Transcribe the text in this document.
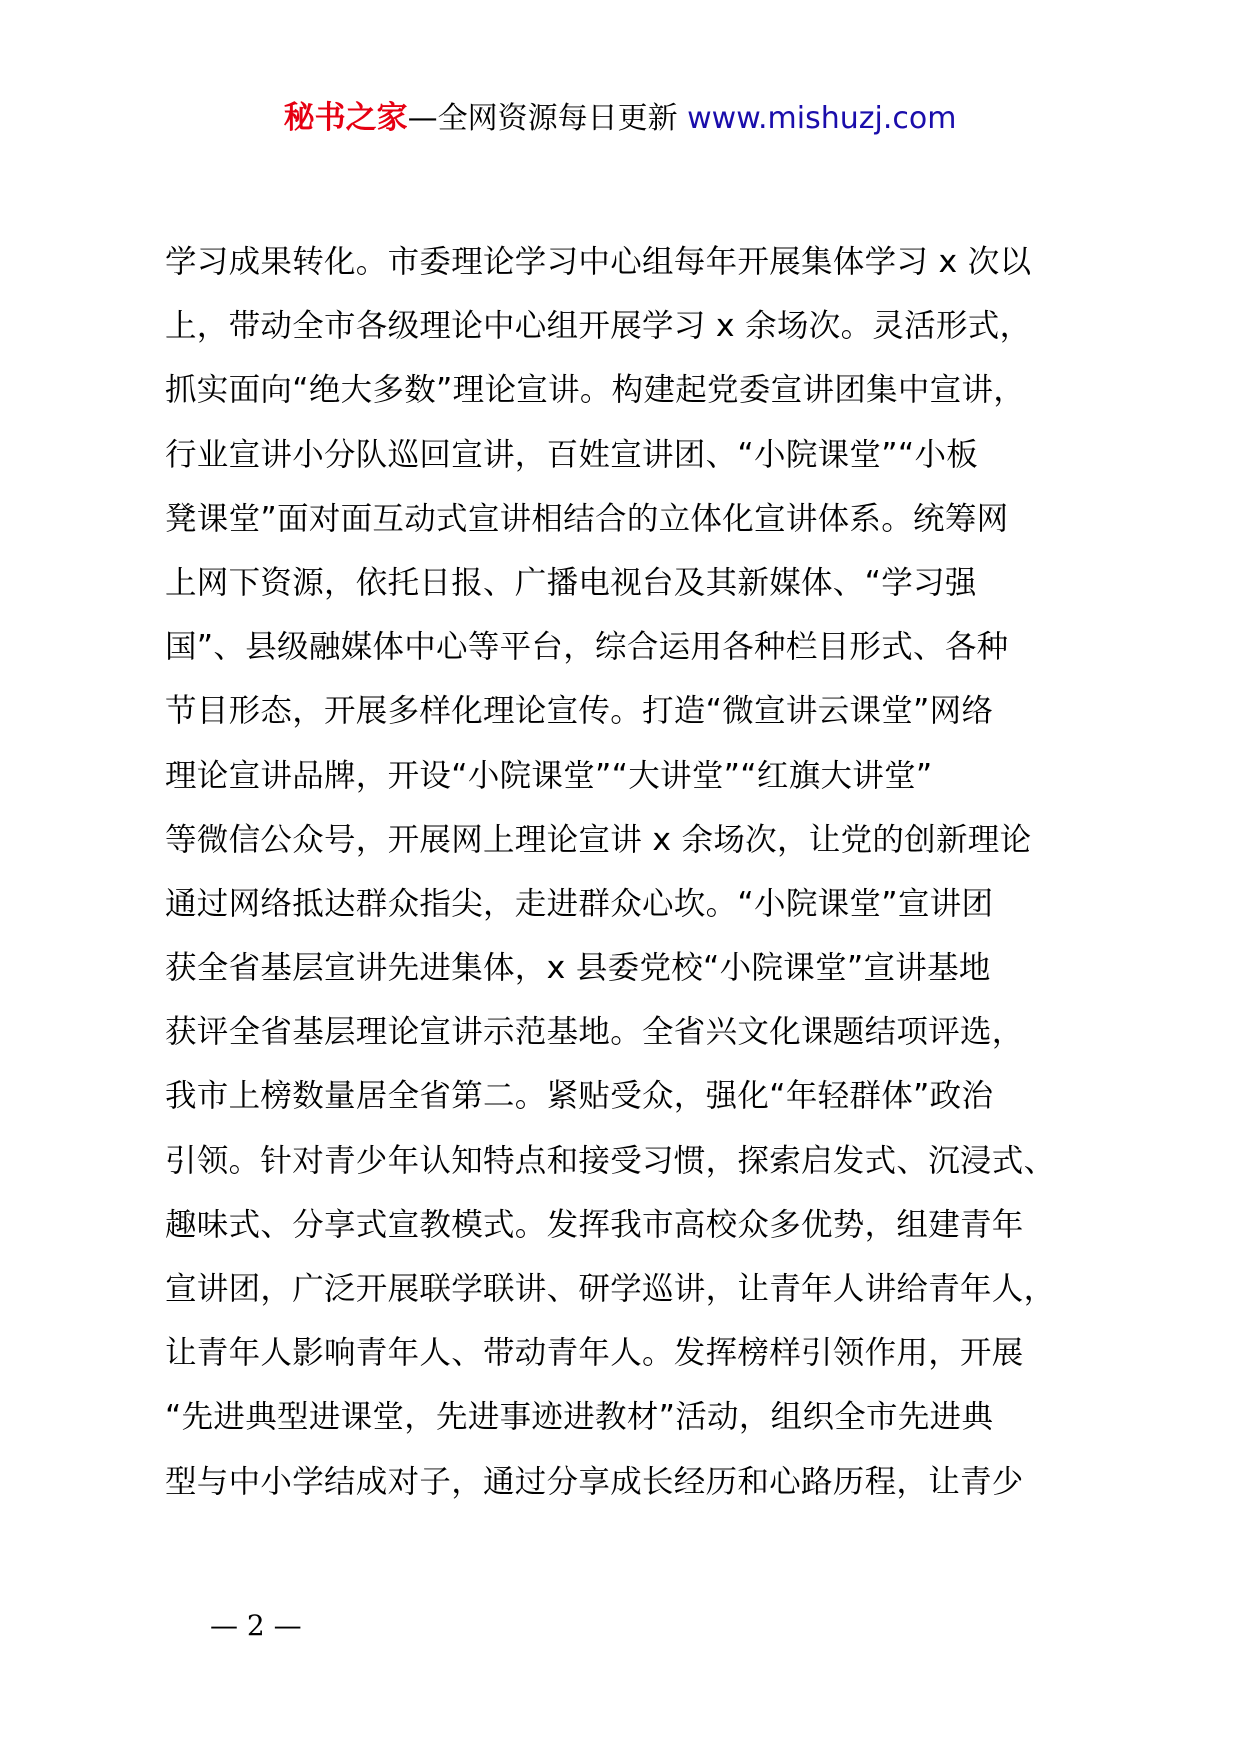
秘书之家—全网资源每日更新 www.mishuzj.com
学习成果转化。市委理论学习中心组每年开展集体学习 x 次以
上，带动全市各级理论中心组开展学习 x 余场次。灵活形式，
抓实面向“绝大多数”理论宣讲。构建起党委宣讲团集中宣讲，
行业宣讲小分队巡回宣讲，百姓宣讲团、“小院课堂”“小板
凳课堂”面对面互动式宣讲相结合的立体化宣讲体系。统筹网
上网下资源，依托日报、广播电视台及其新媒体、“学习强
国”、县级融媒体中心等平台，综合运用各种栏目形式、各种
节目形态，开展多样化理论宣传。打造“微宣讲云课堂”网络
理论宣讲品牌，开设“小院课堂”“大讲堂”“红旗大讲堂”
等微信公众号，开展网上理论宣讲 x 余场次，让党的创新理论
通过网络抵达群众指尖，走进群众心坎。“小院课堂”宣讲团
获全省基层宣讲先进集体，x 县委党校“小院课堂”宣讲基地
获评全省基层理论宣讲示范基地。全省兴文化课题结项评选，
我市上榜数量居全省第二。紧贴受众，强化“年轻群体”政治
引领。针对青少年认知特点和接受习惯，探索启发式、沉浸式、
趣味式、分享式宣教模式。发挥我市高校众多优势，组建青年
宣讲团，广泛开展联学联讲、研学巡讲，让青年人讲给青年人，
让青年人影响青年人、带动青年人。发挥榜样引领作用，开展
“先进典型进课堂，先进事迹进教材”活动，组织全市先进典
型与中小学结成对子，通过分享成长经历和心路历程，让青少
— 2 —
